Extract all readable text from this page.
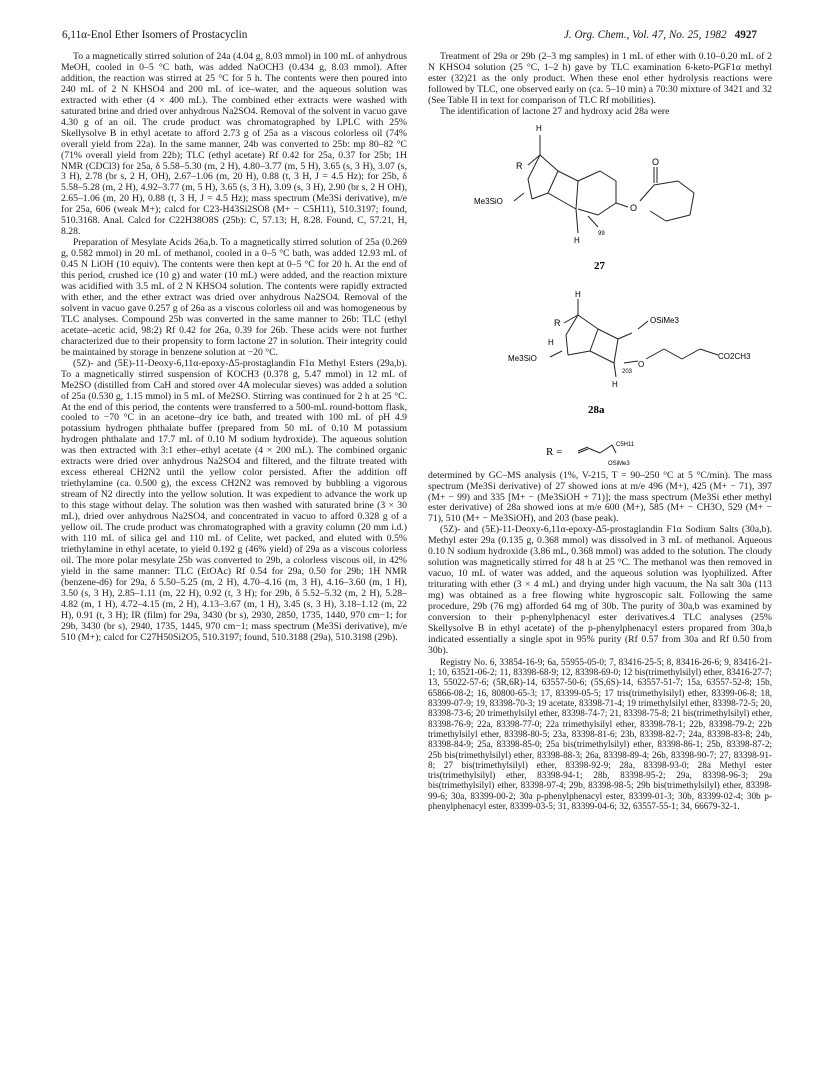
6,11α-Enol Ether Isomers of Prostacyclin	J. Org. Chem., Vol. 47, No. 25, 1982 4927

To a magnetically stirred solution of 24a (4.04 g, 8.03 mmol) in 100 mL of anhydrous MeOH, cooled in 0–5 °C bath, was added NaOCH3 (0.434 g, 8.03 mmol). After addition, the reaction was stirred at 25 °C for 5 h. The contents were then poured into 240 mL of 2 N KHSO4 and 200 mL of ice–water, and the aqueous solution was extracted with ether (4 × 400 mL). The combined ether extracts were washed with saturated brine and dried over anhydrous Na2SO4. Removal of the solvent in vacuo gave 4.30 g of an oil. The crude product was chromatographed by LPLC with 25% Skellysolve B in ethyl acetate to afford 2.73 g of 25a as a viscous colorless oil (74% overall yield from 22a). In the same manner, 24b was converted to 25b: mp 80–82 °C (71% overall yield from 22b); TLC (ethyl acetate) Rf 0.42 for 25a, 0.37 for 25b; 1H NMR (CDCl3) for 25a, δ 5.58–5.30 (m, 2 H), 4.80–3.77 (m, 5 H), 3.65 (s, 3 H), 3.07 (s, 3 H), 2.78 (br s, 2 H, OH), 2.67–1.06 (m, 20 H), 0.88 (t, 3 H, J = 4.5 Hz); for 25b, δ 5.58–5.28 (m, 2 H), 4.92–3.77 (m, 5 H), 3.65 (s, 3 H), 3.09 (s, 3 H), 2.90 (br s, 2 H OH), 2.65–1.06 (m, 20 H), 0.88 (t, 3 H, J = 4.5 Hz); mass spectrum (Me3Si derivative), m/e for 25a, 606 (weak M+); calcd for C23-H43Si2SO8 (M+ − C5H11), 510.3197; found, 510.3168. Anal. Calcd for C22H38O8S (25b): C, 57.13; H, 8.28. Found, C, 57.21, H, 8.28.

Preparation of Mesylate Acids 26a,b. To a magnetically stirred solution of 25a (0.269 g, 0.582 mmol) in 20 mL of methanol, cooled in a 0–5 °C bath, was added 12.93 mL of 0.45 N LiOH (10 equiv). The contents were then kept at 0–5 °C for 20 h. At the end of this period, crushed ice (10 g) and water (10 mL) were added, and the reaction mixture was acidified with 3.5 mL of 2 N KHSO4 solution. The contents were rapidly extracted with ether, and the ether extract was dried over anhydrous Na2SO4. Removal of the solvent in vacuo gave 0.257 g of 26a as a viscous colorless oil and was homogeneous by TLC analyses. Compound 25b was converted in the same manner to 26b: TLC (ethyl acetate–acetic acid, 98:2) Rf 0.42 for 26a, 0.39 for 26b. These acids were not further characterized due to their propensity to form lactone 27 in solution. Their integrity could be maintained by storage in benzene solution at −20 °C.

(5Z)- and (5E)-11-Deoxy-6,11α-epoxy-Δ5-prostaglandin F1α Methyl Esters (29a,b). To a magnetically stirred suspension of KOCH3 (0.378 g, 5.47 mmol) in 12 mL of Me2SO (distilled from CaH and stored over 4A molecular sieves) was added a solution of 25a (0.530 g, 1.15 mmol) in 5 mL of Me2SO. Stirring was continued for 2 h at 25 °C. At the end of this period, the contents were transferred to a 500-mL round-bottom flask, cooled to −70 °C in an acetone–dry ice bath, and treated with 100 mL of pH 4.9 potassium hydrogen phthalate buffer (prepared from 50 mL of 0.10 M potassium hydrogen phthalate and 17.7 mL of 0.10 M sodium hydroxide). The aqueous solution was then extracted with 3:1 ether–ethyl acetate (4 × 200 mL). The combined organic extracts were dried over anhydrous Na2SO4 and filtered, and the filtrate treated with excess ethereal CH2N2 until the yellow color persisted. After the addition off triethylamine (ca. 0.500 g), the excess CH2N2 was removed by bubbling a vigorous stream of N2 directly into the yellow solution. It was expedient to advance the work up to this stage without delay. The solution was then washed with saturated brine (3 × 30 mL), dried over anhydrous Na2SO4, and concentrated in vacuo to afford 0.328 g of a yellow oil. The crude product was chromatographed with a gravity column (20 mm i.d.) with 110 mL of silica gel and 110 mL of Celite, wet packed, and eluted with 0.5% triethylamine in ethyl acetate, to yield 0.192 g (46% yield) of 29a as a viscous colorless oil. The more polar mesylate 25b was converted to 29b, a colorless viscous oil, in 42% yield in the same manner: TLC (EtOAc) Rf 0.54 for 29a, 0.50 for 29b; 1H NMR (benzene-d6) for 29a, δ 5.50–5.25 (m, 2 H), 4.70–4.16 (m, 3 H), 4.16–3.60 (m, 1 H), 3.50 (s, 3 H), 2.85–1.11 (m, 22 H), 0.92 (t, 3 H); for 29b, δ 5.52–5.32 (m, 2 H), 5.28–4.82 (m, 1 H), 4.72–4.15 (m, 2 H), 4.13–3.67 (m, 1 H), 3.45 (s, 3 H), 3.18–1.12 (m, 22 H), 0.91 (t, 3 H); IR (film) for 29a, 3430 (br s), 2930, 2850, 1735, 1440, 970 cm−1; for 29b, 3430 (br s), 2940, 1735, 1445, 970 cm−1; mass spectrum (Me3Si derivative), m/e 510 (M+); calcd for C27H50Si2O5, 510.3197; found, 510.3188 (29a), 510.3198 (29b).

Treatment of 29a or 29b (2–3 mg samples) in 1 mL of ether with 0.10–0.20 mL of 2 N KHSO4 solution (25 °C, 1–2 h) gave by TLC examination 6-keto-PGF1α methyl ester (32)21 as the only product. When these enol ether hydrolysis reactions were followed by TLC, one observed early on (ca. 5–10 min) a 70:30 mixture of 3421 and 32 (See Table II in text for comparison of TLC Rf mobilities).

The identification of lactone 27 and hydroxy acid 28a were

H
R
Me3SiO
O
O
H
99
27
H
R
H
Me3SiO
O
OSiMe3
CO2CH3
H
203
28a
R =
C5H11
OSiMe3

determined by GC–MS analysis (1%, V-215, T = 90–250 °C at 5 °C/min). The mass spectrum (Me3Si derivative) of 27 showed ions at m/e 496 (M+), 425 (M+ − 71), 397 (M+ − 99) and 335 [M+ − (Me3SiOH + 71)]; the mass spectrum (Me3Si ether methyl ester derivative) of 28a showed ions at m/e 600 (M+), 585 (M+ − CH3O, 529 (M+ − 71), 510 (M+ − Me3SiOH), and 203 (base peak).

(5Z)- and (5E)-11-Deoxy-6,11α-epoxy-Δ5-prostaglandin F1α Sodium Salts (30a,b). Methyl ester 29a (0.135 g, 0.368 mmol) was dissolved in 3 mL of methanol. Aqueous 0.10 N sodium hydroxide (3.86 mL, 0.368 mmol) was added to the solution. The cloudy solution was magnetically stirred for 48 h at 25 °C. The methanol was then removed in vacuo, 10 mL of water was added, and the aqueous solution was lyophilized. After triturating with ether (3 × 4 mL) and drying under high vacuum, the Na salt 30a (113 mg) was obtained as a free flowing white hygroscopic salt. Following the same procedure, 29b (76 mg) afforded 64 mg of 30b. The purity of 30a,b was examined by conversion to their p-phenylphenacyl ester derivatives.4 TLC analyses (25% Skellysolve B in ethyl acetate) of the p-phenylphenacyl esters propared from 30a,b indicated essentially a single spot in 95% purity (Rf 0.57 from 30a and Rf 0.50 from 30b).

Registry No. 6, 33854-16-9; 6a, 55955-05-0; 7, 83416-25-5; 8, 83416-26-6; 9, 83416-21-1; 10, 63521-06-2; 11, 83398-68-9; 12, 83398-69-0; 12 bis(trimethylsilyl) ether, 83416-27-7; 13, 55022-57-6; (5R,6R)-14, 63557-50-6; (5S,6S)-14, 63557-51-7; 15a, 63557-52-8; 15b, 65866-08-2; 16, 80800-65-3; 17, 83399-05-5; 17 tris(trimethylsilyl) ether, 83399-06-8; 18, 83399-07-9; 19, 83398-70-3; 19 acetate, 83398-71-4; 19 trimethylsilyl ether, 83398-72-5; 20, 83398-73-6; 20 trimethylsilyl ether, 83398-74-7; 21, 83398-75-8; 21 bis(trimethylsilyl) ether, 83398-76-9; 22a, 83398-77-0; 22a trimethylsilyl ether, 83398-78-1; 22b, 83398-79-2; 22b trimethylsilyl ether, 83398-80-5; 23a, 83398-81-6; 23b, 83398-82-7; 24a, 83398-83-8; 24b, 83398-84-9; 25a, 83398-85-0; 25a bis(trimethylsilyl) ether, 83398-86-1; 25b, 83398-87-2; 25b bis(trimethylsilyl) ether, 83398-88-3; 26a, 83398-89-4; 26b, 83398-90-7; 27, 83398-91-8; 27 bis(trimethylsilyl) ether, 83398-92-9; 28a, 83398-93-0; 28a Methyl ester tris(trimethylsilyl) ether, 83398-94-1; 28b, 83398-95-2; 29a, 83398-96-3; 29a bis(trimethylsilyl) ether, 83398-97-4; 29b, 83398-98-5; 29b bis(trimethylsilyl) ether, 83398-99-6; 30a, 83399-00-2; 30a p-phenylphenacyl ester, 83399-01-3; 30b, 83399-02-4; 30b p-phenylphenacyl ester, 83399-03-5; 31, 83399-04-6; 32, 63557-55-1; 34, 66679-32-1.
